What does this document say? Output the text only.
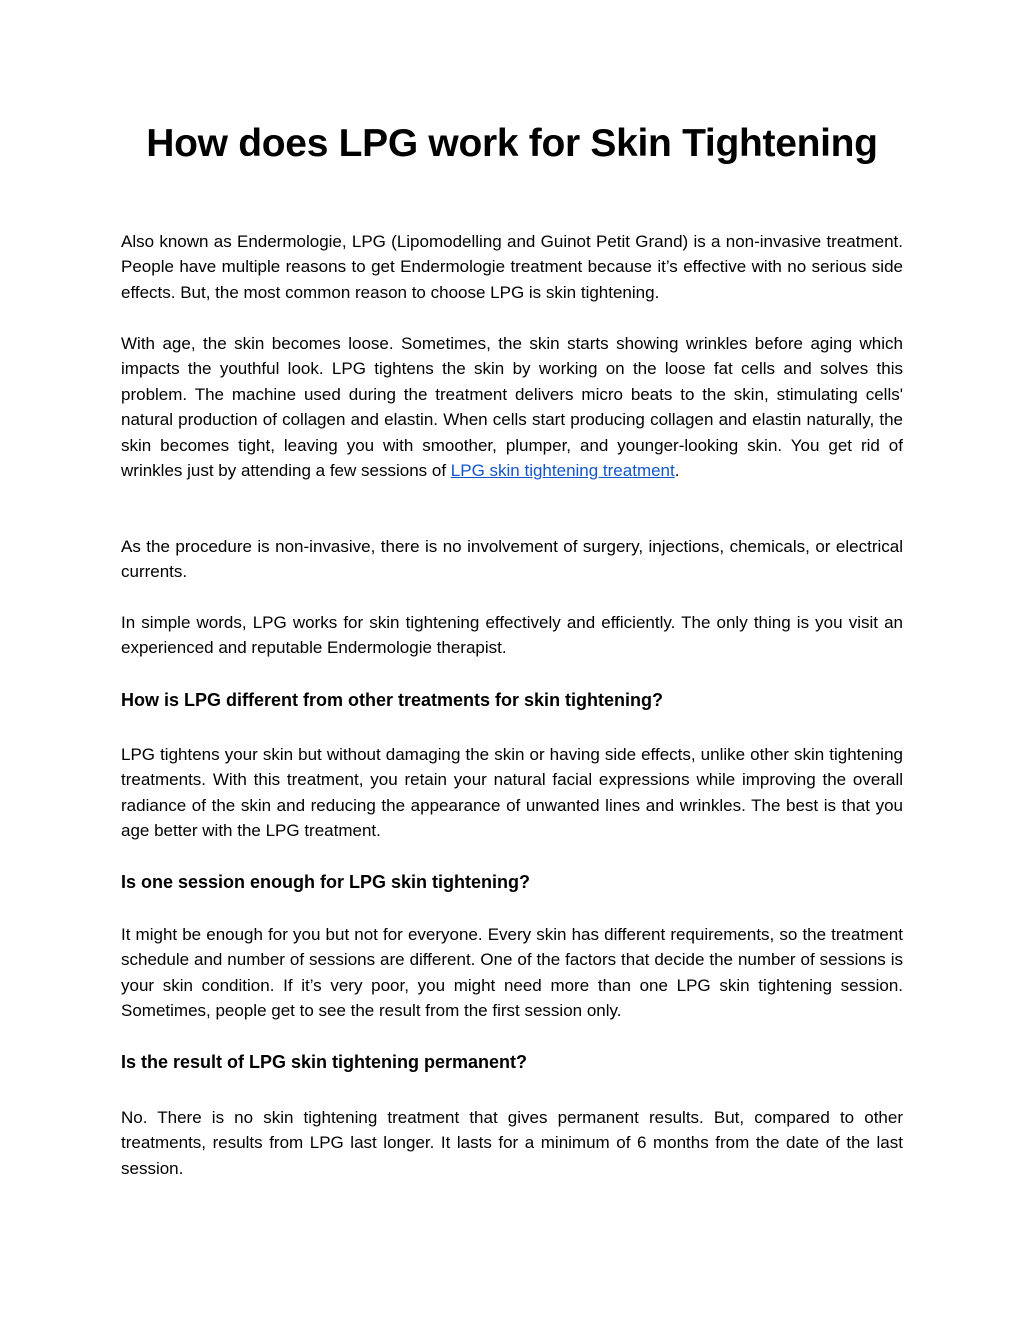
How does LPG work for Skin Tightening

Also known as Endermologie, LPG (Lipomodelling and Guinot Petit Grand) is a non-invasive treatment. People have multiple reasons to get Endermologie treatment because it’s effective with no serious side effects. But, the most common reason to choose LPG is skin tightening.

With age, the skin becomes loose. Sometimes, the skin starts showing wrinkles before aging which impacts the youthful look. LPG tightens the skin by working on the loose fat cells and solves this problem. The machine used during the treatment delivers micro beats to the skin, stimulating cells' natural production of collagen and elastin. When cells start producing collagen and elastin naturally, the skin becomes tight, leaving you with smoother, plumper, and younger-looking skin. You get rid of wrinkles just by attending a few sessions of LPG skin tightening treatment.

As the procedure is non-invasive, there is no involvement of surgery, injections, chemicals, or electrical currents.

In simple words, LPG works for skin tightening effectively and efficiently. The only thing is you visit an experienced and reputable Endermologie therapist.

How is LPG different from other treatments for skin tightening?

LPG tightens your skin but without damaging the skin or having side effects, unlike other skin tightening treatments. With this treatment, you retain your natural facial expressions while improving the overall radiance of the skin and reducing the appearance of unwanted lines and wrinkles. The best is that you age better with the LPG treatment.

Is one session enough for LPG skin tightening?

It might be enough for you but not for everyone. Every skin has different requirements, so the treatment schedule and number of sessions are different. One of the factors that decide the number of sessions is your skin condition. If it’s very poor, you might need more than one LPG skin tightening session. Sometimes, people get to see the result from the first session only.

Is the result of LPG skin tightening permanent?

No. There is no skin tightening treatment that gives permanent results. But, compared to other treatments, results from LPG last longer. It lasts for a minimum of 6 months from the date of the last session.
